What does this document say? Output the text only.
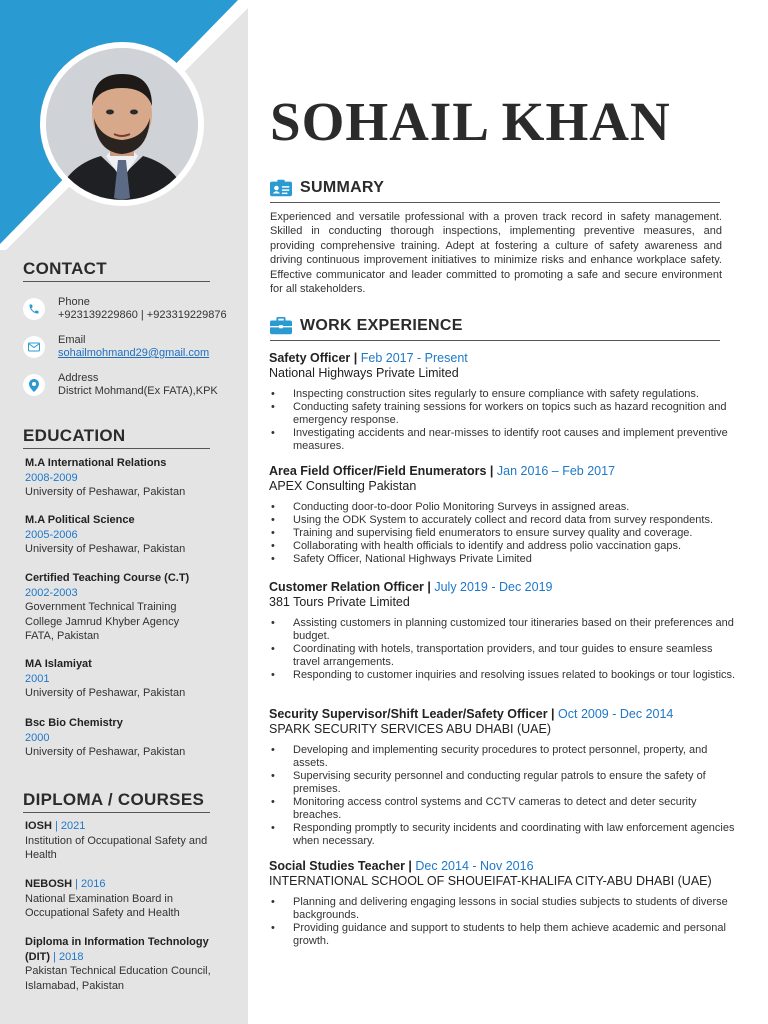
CONTACT
Phone
+923139229860 | +923319229876
Email
sohailmohmand29@gmail.com
Address
District Mohmand(Ex FATA),KPK
EDUCATION
M.A International Relations
2008-2009
University of Peshawar, Pakistan
M.A Political Science
2005-2006
University of Peshawar, Pakistan
Certified Teaching Course (C.T)
2002-2003
Government Technical Training
College Jamrud Khyber Agency
FATA, Pakistan
MA Islamiyat
2001
University of Peshawar, Pakistan
Bsc Bio Chemistry
2000
University of Peshawar, Pakistan
DIPLOMA / COURSES
IOSH | 2021
Institution of Occupational Safety and
Health
NEBOSH | 2016
National Examination Board in
Occupational Safety and Health
Diploma in Information Technology
(DIT) | 2018
Pakistan Technical Education Council,
Islamabad, Pakistan
SOHAIL KHAN
SUMMARY
Experienced and versatile professional with a proven track record in safety management. Skilled in conducting thorough inspections, implementing preventive measures, and providing comprehensive training. Adept at fostering a culture of safety awareness and driving continuous improvement initiatives to minimize risks and enhance workplace safety. Effective communicator and leader committed to promoting a safe and secure environment for all stakeholders.
WORK EXPERIENCE
Safety Officer | Feb 2017 - Present
National Highways Private Limited
• Inspecting construction sites regularly to ensure compliance with safety regulations.
• Conducting safety training sessions for workers on topics such as hazard recognition and emergency response.
• Investigating accidents and near-misses to identify root causes and implement preventive measures.
Area Field Officer/Field Enumerators | Jan 2016 – Feb 2017
APEX Consulting Pakistan
• Conducting door-to-door Polio Monitoring Surveys in assigned areas.
• Using the ODK System to accurately collect and record data from survey respondents.
• Training and supervising field enumerators to ensure survey quality and coverage.
• Collaborating with health officials to identify and address polio vaccination gaps.
• Safety Officer, National Highways Private Limited
Customer Relation Officer | July 2019 - Dec 2019
381 Tours Private Limited
• Assisting customers in planning customized tour itineraries based on their preferences and budget.
• Coordinating with hotels, transportation providers, and tour guides to ensure seamless travel arrangements.
• Responding to customer inquiries and resolving issues related to bookings or tour logistics.
Security Supervisor/Shift Leader/Safety Officer | Oct 2009 - Dec 2014
SPARK SECURITY SERVICES ABU DHABI (UAE)
• Developing and implementing security procedures to protect personnel, property, and assets.
• Supervising security personnel and conducting regular patrols to ensure the safety of premises.
• Monitoring access control systems and CCTV cameras to detect and deter security breaches.
• Responding promptly to security incidents and coordinating with law enforcement agencies when necessary.
Social Studies Teacher | Dec 2014 - Nov 2016
INTERNATIONAL SCHOOL OF SHOUEIFAT-KHALIFA CITY-ABU DHABI (UAE)
• Planning and delivering engaging lessons in social studies subjects to students of diverse backgrounds.
• Providing guidance and support to students to help them achieve academic and personal growth.
